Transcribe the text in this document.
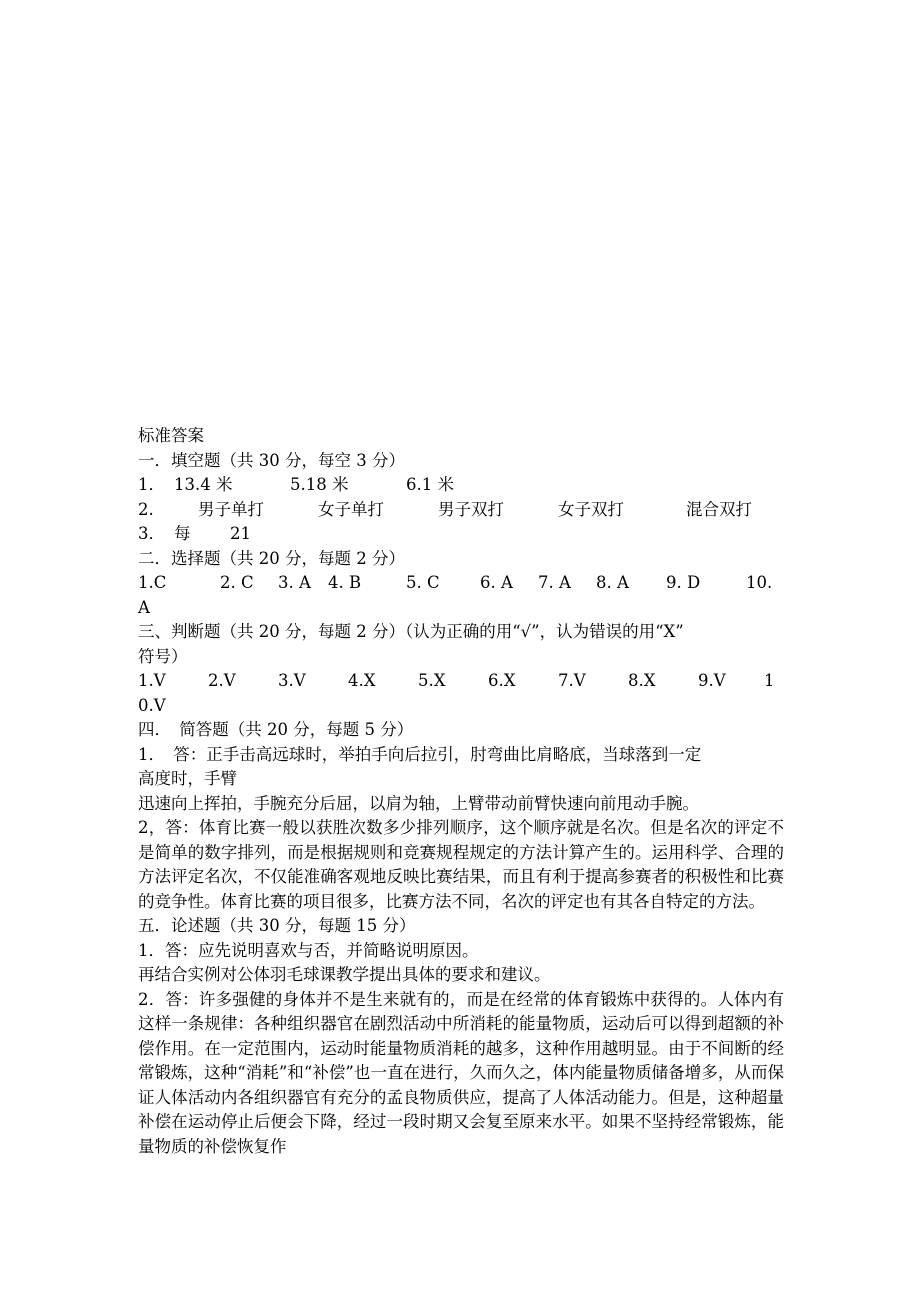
标准答案
一．填空题（共 30 分，每空 3 分）
1． 13.4 米	5.18 米	6.1 米
2.	男子单打	女子单打	男子双打	女子双打	混合双打
3． 每	21
二．选择题（共 20 分，每题 2 分）
1.C	2. C	3. A	4. B	5. C	6. A	7. A	8. A	9. D	10.
A
三、判断题（共 20 分，每题 2 分）（认为正确的用“√”，认为错误的用“X”
符号）
1.V	2.V	3.V	4.X	5.X	6.X	7.V	8.X	9.V	1
0.V
四．　简答题（共 20 分，每题 5 分）
1．　答：正手击高远球时，举拍手向后拉引，肘弯曲比肩略底，当球落到一定
高度时，手臂
迅速向上挥拍，手腕充分后屈，以肩为轴，上臂带动前臂快速向前甩动手腕。
2，答：体育比赛一般以获胜次数多少排列顺序，这个顺序就是名次。但是名次的评定不是简单的数字排列，而是根据规则和竞赛规程规定的方法计算产生的。运用科学、合理的方法评定名次，不仅能准确客观地反映比赛结果，而且有利于提高参赛者的积极性和比赛的竞争性。体育比赛的项目很多，比赛方法不同，名次的评定也有其各自特定的方法。
五．论述题（共 30 分，每题 15 分）
1．答：应先说明喜欢与否，并简略说明原因。
再结合实例对公体羽毛球课教学提出具体的要求和建议。
2．答：许多强健的身体并不是生来就有的，而是在经常的体育锻炼中获得的。人体内有这样一条规律：各种组织器官在剧烈活动中所消耗的能量物质，运动后可以得到超额的补偿作用。在一定范围内，运动时能量物质消耗的越多，这种作用越明显。由于不间断的经常锻炼，这种“消耗”和“补偿”也一直在进行，久而久之，体内能量物质储备增多，从而保证人体活动内各组织器官有充分的孟良物质供应，提高了人体活动能力。但是，这种超量补偿在运动停止后便会下降，经过一段时期又会复至原来水平。如果不坚持经常锻炼，能量物质的补偿恢复作
